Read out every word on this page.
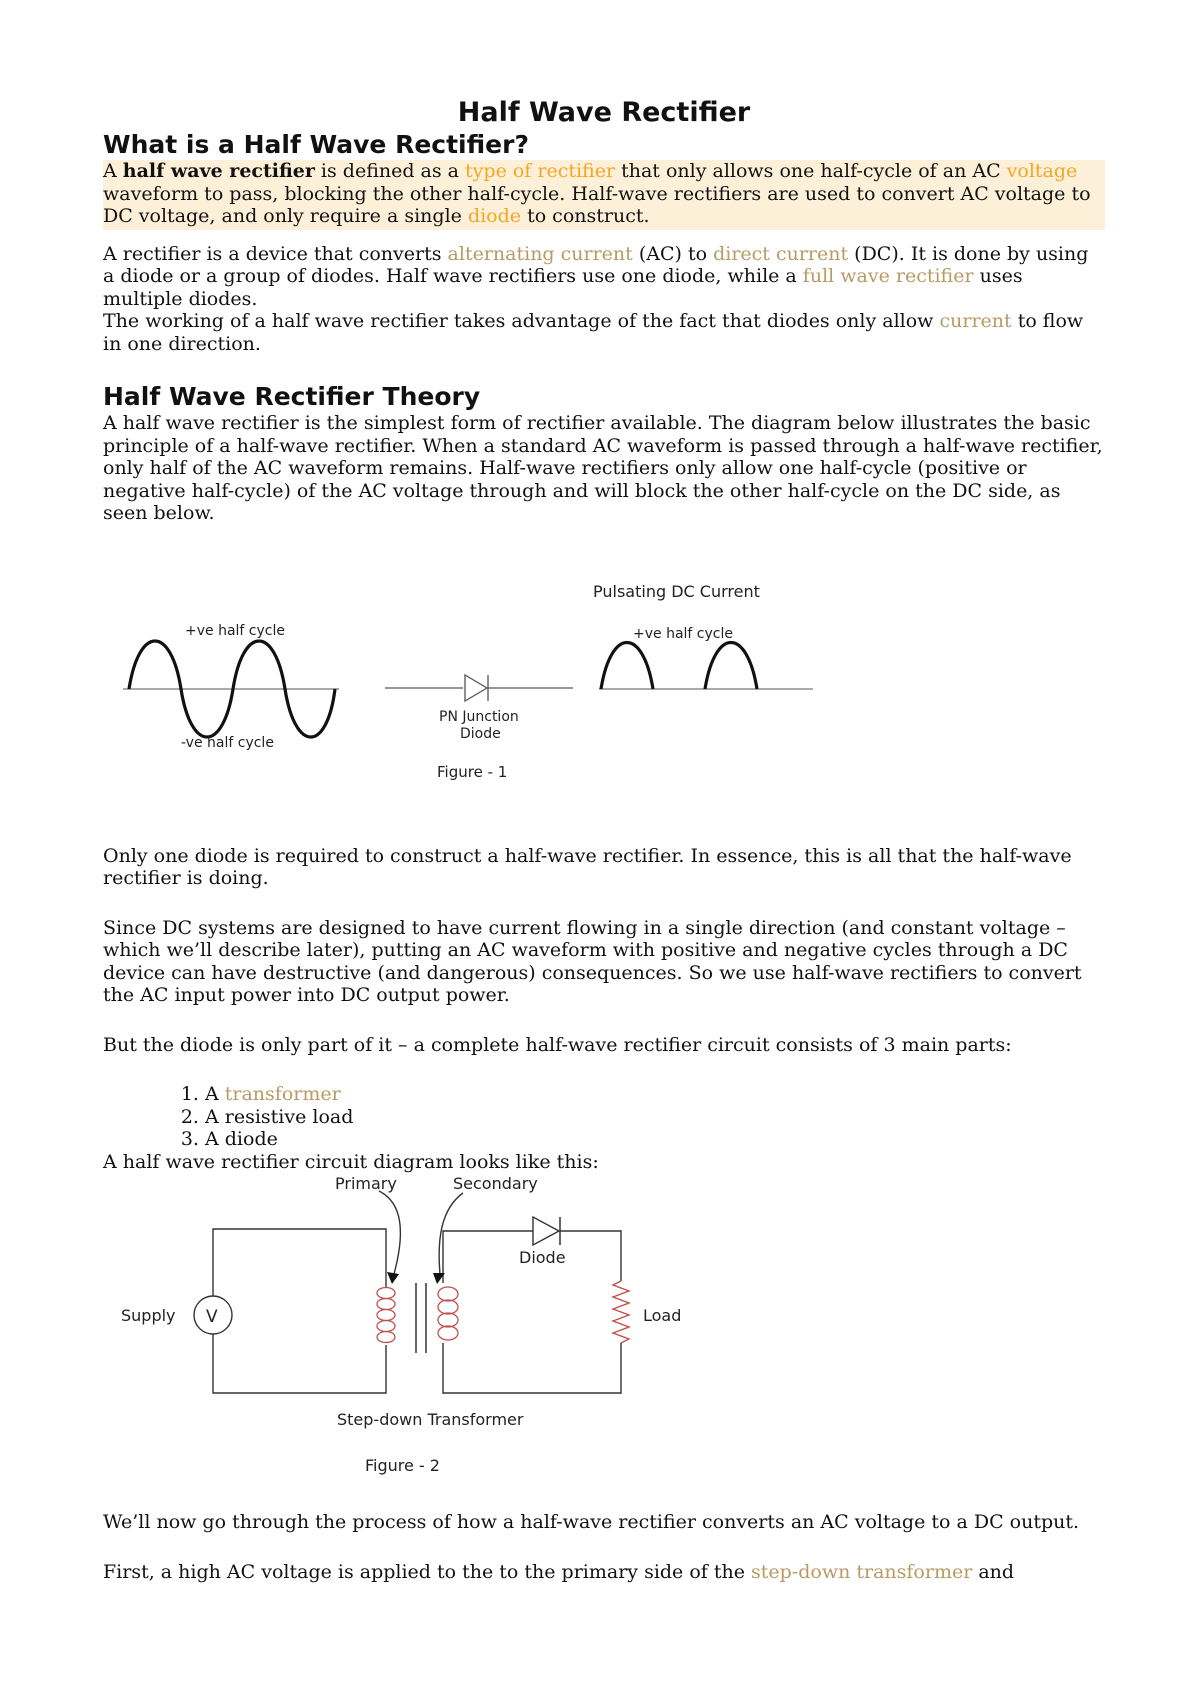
Half Wave Rectifier
What is a Half Wave Rectifier?

A half wave rectifier is defined as a type of rectifier that only allows one half-cycle of an AC voltage waveform to pass, blocking the other half-cycle. Half-wave rectifiers are used to convert AC voltage to DC voltage, and only require a single diode to construct.

A rectifier is a device that converts alternating current (AC) to direct current (DC). It is done by using a diode or a group of diodes. Half wave rectifiers use one diode, while a full wave rectifier uses multiple diodes.

The working of a half wave rectifier takes advantage of the fact that diodes only allow current to flow in one direction.

Half Wave Rectifier Theory

A half wave rectifier is the simplest form of rectifier available. The diagram below illustrates the basic principle of a half-wave rectifier. When a standard AC waveform is passed through a half-wave rectifier, only half of the AC waveform remains. Half-wave rectifiers only allow one half-cycle (positive or negative half-cycle) of the AC voltage through and will block the other half-cycle on the DC side, as seen below.

+ve half cycle
-ve half cycle
PN Junction
Diode
Pulsating DC Current
+ve half cycle
Figure - 1

Only one diode is required to construct a half-wave rectifier. In essence, this is all that the half-wave rectifier is doing.

Since DC systems are designed to have current flowing in a single direction (and constant voltage – which we’ll describe later), putting an AC waveform with positive and negative cycles through a DC device can have destructive (and dangerous) consequences. So we use half-wave rectifiers to convert the AC input power into DC output power.

But the diode is only part of it – a complete half-wave rectifier circuit consists of 3 main parts:

1. A transformer
2. A resistive load
3. A diode

A half wave rectifier circuit diagram looks like this:

V
Supply
Primary	Secondary
Diode
Load
Step-down Transformer
Figure - 2

We’ll now go through the process of how a half-wave rectifier converts an AC voltage to a DC output.

First, a high AC voltage is applied to the to the primary side of the step-down transformer and
